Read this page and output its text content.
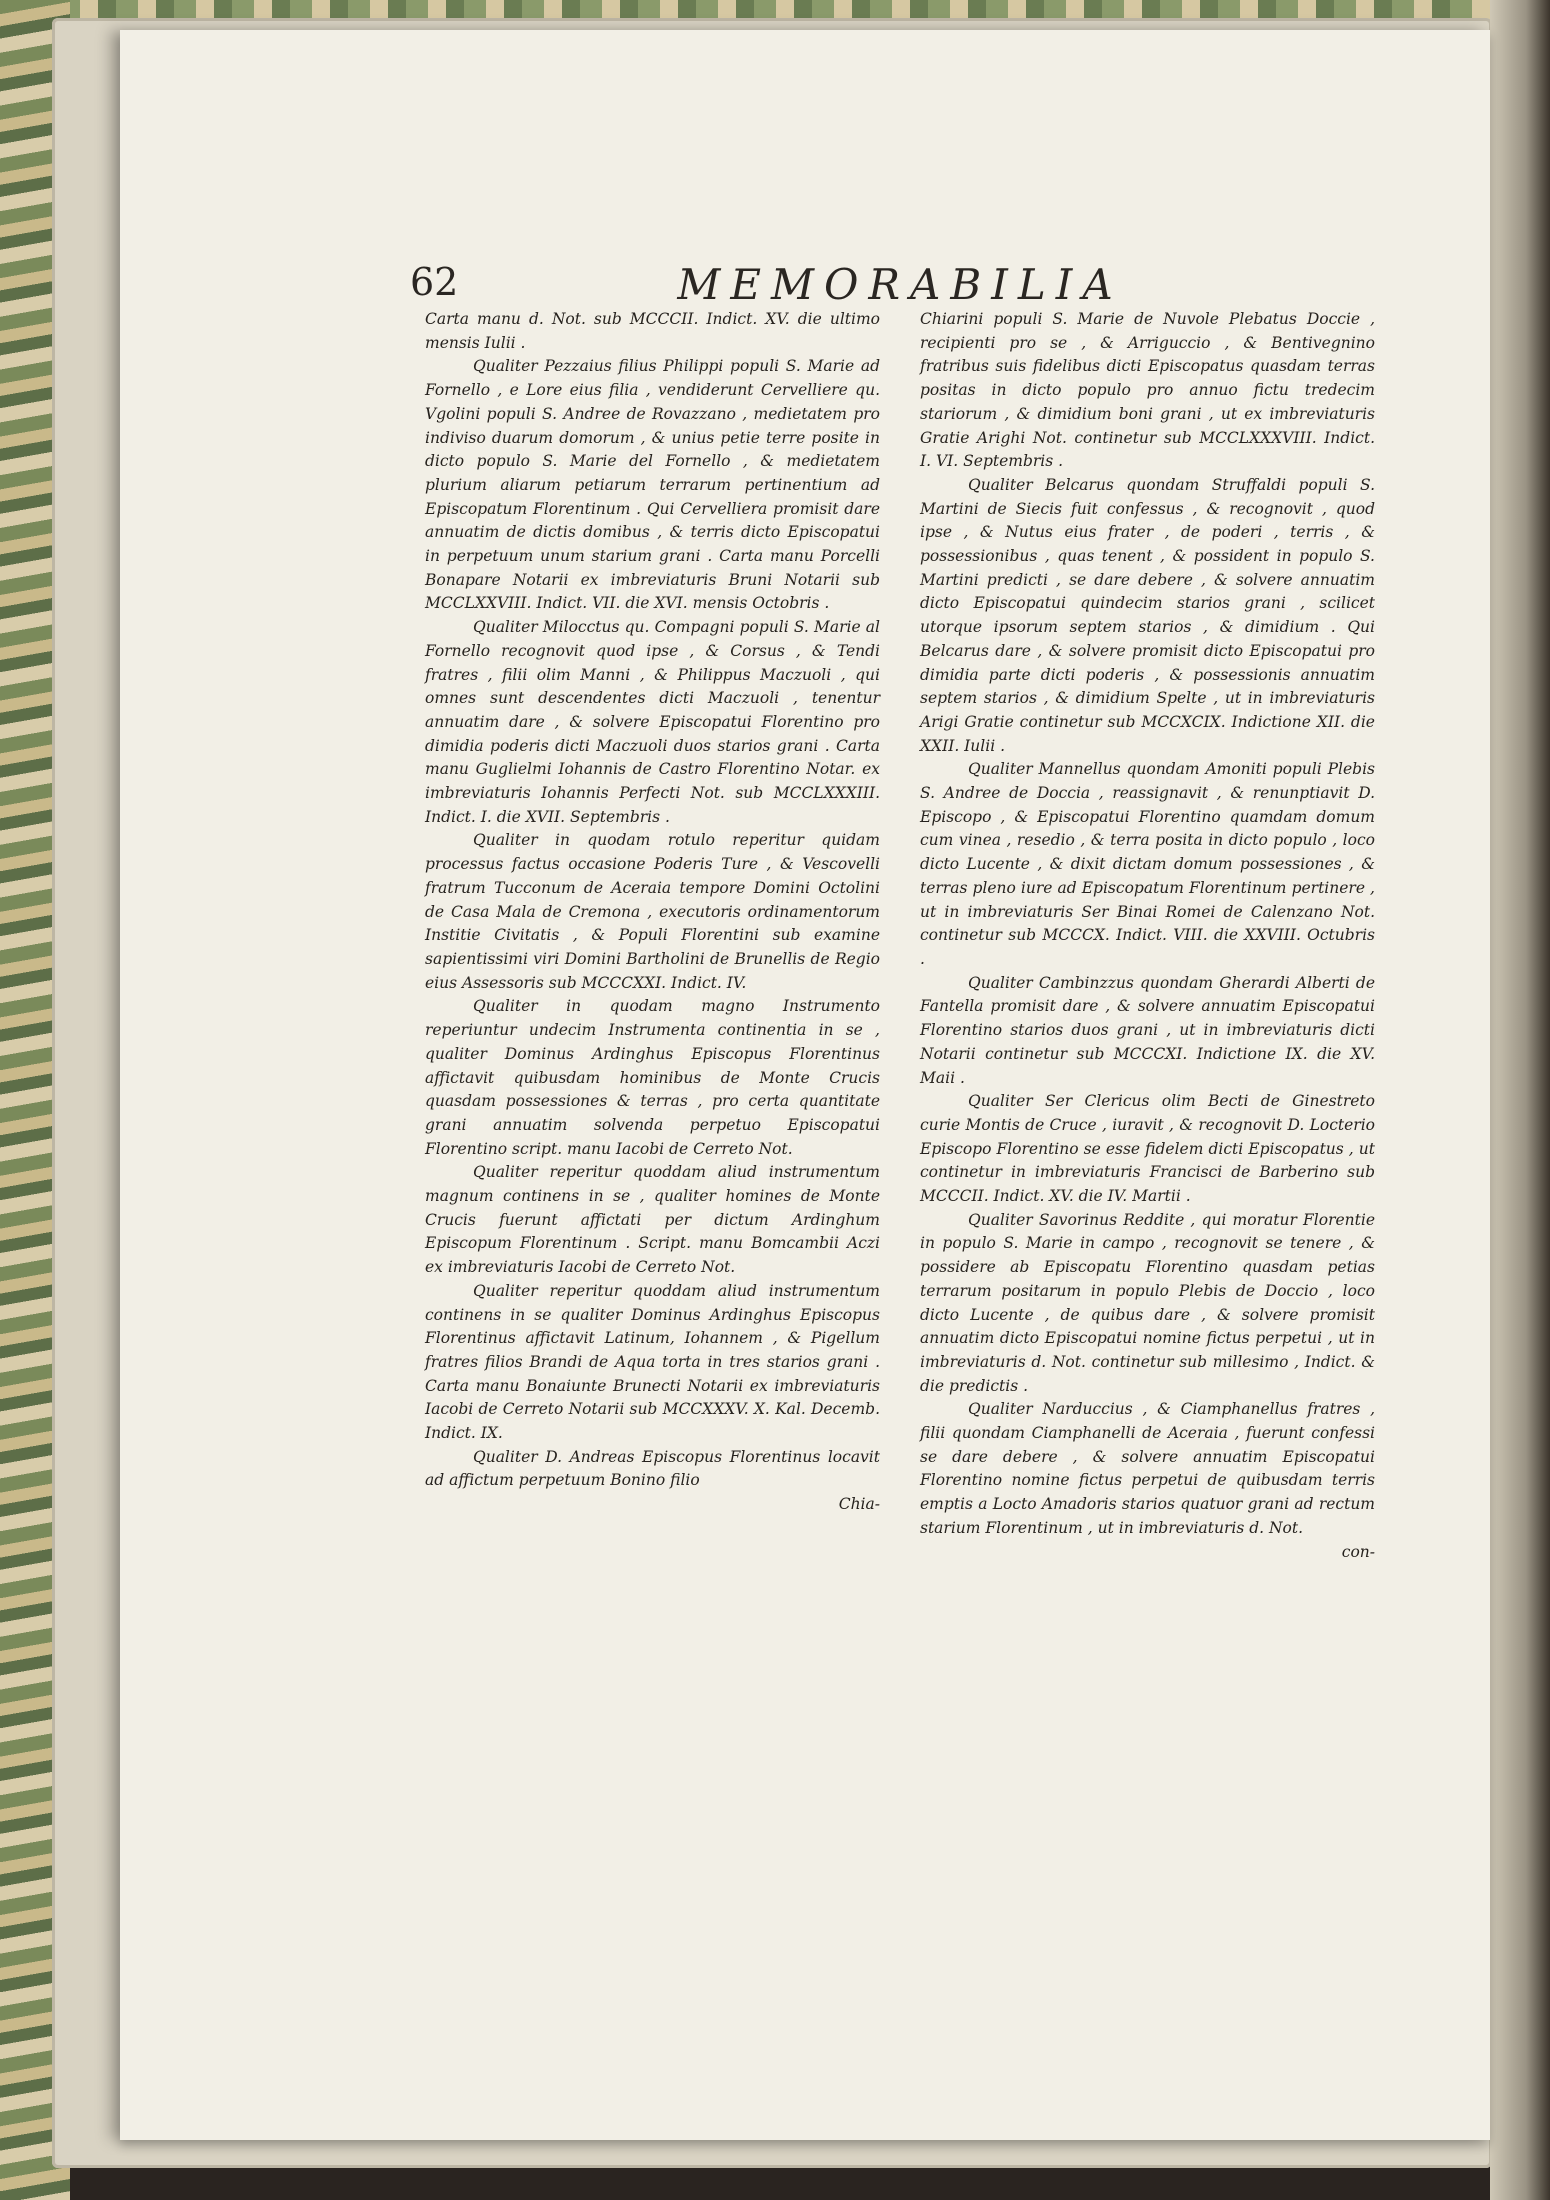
62	MEMORABILIA

Carta manu d. Not. sub MCCCII. Indict. XV. die ultimo mensis Iulii .

Qualiter Pezzaius filius Philippi populi S. Marie ad Fornello , e Lore eius filia , vendiderunt Cervelliere qu. Vgolini populi S. Andree de Rovazzano , medietatem pro indiviso duarum domorum , & unius petie terre posite in dicto populo S. Marie del Fornello , & medietatem plurium aliarum petiarum terrarum pertinentium ad Episcopatum Florentinum . Qui Cervelliera promisit dare annuatim de dictis domibus , & terris dicto Episcopatui in perpetuum unum starium grani . Carta manu Porcelli Bonapare Notarii ex imbreviaturis Bruni Notarii sub MCCLXXVIII. Indict. VII. die XVI. mensis Octobris .

Qualiter Milocctus qu. Compagni populi S. Marie al Fornello recognovit quod ipse , & Corsus , & Tendi fratres , filii olim Manni , & Philippus Maczuoli , qui omnes sunt descendentes dicti Maczuoli , tenentur annuatim dare , & solvere Episcopatui Florentino pro dimidia poderis dicti Maczuoli duos starios grani . Carta manu Guglielmi Iohannis de Castro Florentino Notar. ex imbreviaturis Iohannis Perfecti Not. sub MCCLXXXIII. Indict. I. die XVII. Septembris .

Qualiter in quodam rotulo reperitur quidam processus factus occasione Poderis Ture , & Vescovelli fratrum Tucconum de Aceraia tempore Domini Octolini de Casa Mala de Cremona , executoris ordinamentorum Institie Civitatis , & Populi Florentini sub examine sapientissimi viri Domini Bartholini de Brunellis de Regio eius Assessoris sub MCCCXXI. Indict. IV.

Qualiter in quodam magno Instrumento reperiuntur undecim Instrumenta continentia in se , qualiter Dominus Ardinghus Episcopus Florentinus affictavit quibusdam hominibus de Monte Crucis quasdam possessiones & terras , pro certa quantitate grani annuatim solvenda perpetuo Episcopatui Florentino script. manu Iacobi de Cerreto Not.

Qualiter reperitur quoddam aliud instrumentum magnum continens in se , qualiter homines de Monte Crucis fuerunt affictati per dictum Ardinghum Episcopum Florentinum . Script. manu Bomcambii Aczi ex imbreviaturis Iacobi de Cerreto Not.

Qualiter reperitur quoddam aliud instrumentum continens in se qualiter Dominus Ardinghus Episcopus Florentinus affictavit Latinum, Iohannem , & Pigellum fratres filios Brandi de Aqua torta in tres starios grani . Carta manu Bonaiunte Brunecti Notarii ex imbreviaturis Iacobi de Cerreto Notarii sub MCCXXXV. X. Kal. Decemb. Indict. IX.

Qualiter D. Andreas Episcopus Florentinus locavit ad affictum perpetuum Bonino filio

Chia-

Chiarini populi S. Marie de Nuvole Plebatus Doccie , recipienti pro se , & Arriguccio , & Bentivegnino fratribus suis fidelibus dicti Episcopatus quasdam terras positas in dicto populo pro annuo fictu tredecim stariorum , & dimidium boni grani , ut ex imbreviaturis Gratie Arighi Not. continetur sub MCCLXXXVIII. Indict. I. VI. Septembris .

Qualiter Belcarus quondam Struffaldi populi S. Martini de Siecis fuit confessus , & recognovit , quod ipse , & Nutus eius frater , de poderi , terris , & possessionibus , quas tenent , & possident in populo S. Martini predicti , se dare debere , & solvere annuatim dicto Episcopatui quindecim starios grani , scilicet utorque ipsorum septem starios , & dimidium . Qui Belcarus dare , & solvere promisit dicto Episcopatui pro dimidia parte dicti poderis , & possessionis annuatim septem starios , & dimidium Spelte , ut in imbreviaturis Arigi Gratie continetur sub MCCXCIX. Indictione XII. die XXII. Iulii .

Qualiter Mannellus quondam Amoniti populi Plebis S. Andree de Doccia , reassignavit , & renunptiavit D. Episcopo , & Episcopatui Florentino quamdam domum cum vinea , resedio , & terra posita in dicto populo , loco dicto Lucente , & dixit dictam domum possessiones , & terras pleno iure ad Episcopatum Florentinum pertinere , ut in imbreviaturis Ser Binai Romei de Calenzano Not. continetur sub MCCCX. Indict. VIII. die XXVIII. Octubris .

Qualiter Cambinzzus quondam Gherardi Alberti de Fantella promisit dare , & solvere annuatim Episcopatui Florentino starios duos grani , ut in imbreviaturis dicti Notarii continetur sub MCCCXI. Indictione IX. die XV. Maii .

Qualiter Ser Clericus olim Becti de Ginestreto curie Montis de Cruce , iuravit , & recognovit D. Locterio Episcopo Florentino se esse fidelem dicti Episcopatus , ut continetur in imbreviaturis Francisci de Barberino sub MCCCII. Indict. XV. die IV. Martii .

Qualiter Savorinus Reddite , qui moratur Florentie in populo S. Marie in campo , recognovit se tenere , & possidere ab Episcopatu Florentino quasdam petias terrarum positarum in populo Plebis de Doccio , loco dicto Lucente , de quibus dare , & solvere promisit annuatim dicto Episcopatui nomine fictus perpetui , ut in imbreviaturis d. Not. continetur sub millesimo , Indict. & die predictis .

Qualiter Narduccius , & Ciamphanellus fratres , filii quondam Ciamphanelli de Aceraia , fuerunt confessi se dare debere , & solvere annuatim Episcopatui Florentino nomine fictus perpetui de quibusdam terris emptis a Locto Amadoris starios quatuor grani ad rectum starium Florentinum , ut in imbreviaturis d. Not.

con-
